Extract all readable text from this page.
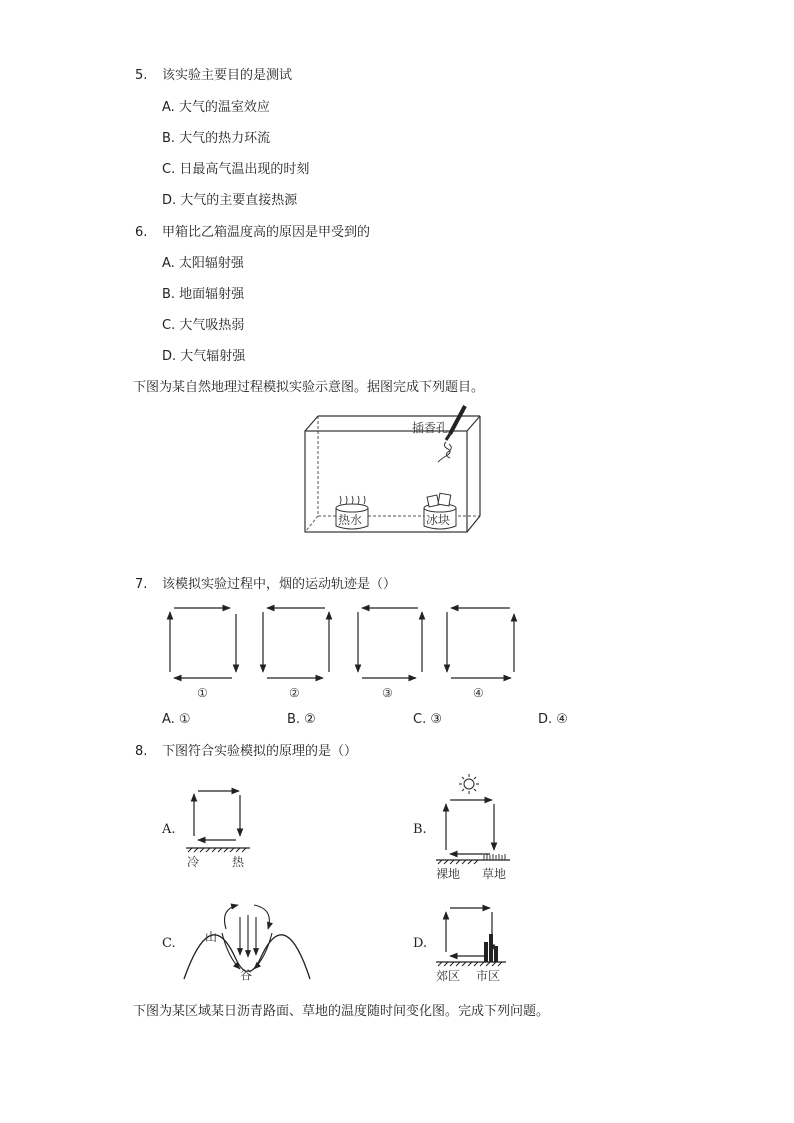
5. 该实验主要目的是测试
A. 大气的温室效应
B. 大气的热力环流
C. 日最高气温出现的时刻
D. 大气的主要直接热源
6. 甲箱比乙箱温度高的原因是甲受到的
A. 太阳辐射强
B. 地面辐射强
C. 大气吸热弱
D. 大气辐射强
下图为某自然地理过程模拟实验示意图。据图完成下列题目。
插香孔
热水	冰块
7. 该模拟实验过程中，烟的运动轨迹是（）
①	②	③	④
A. ①	B. ②	C. ③	D. ④
8. 下图符合实验模拟的原理的是（）
A.	B.
C.	D.
冷	热
裸地 草地
山
谷	郊区 市区
下图为某区域某日沥青路面、草地的温度随时间变化图。完成下列问题。
